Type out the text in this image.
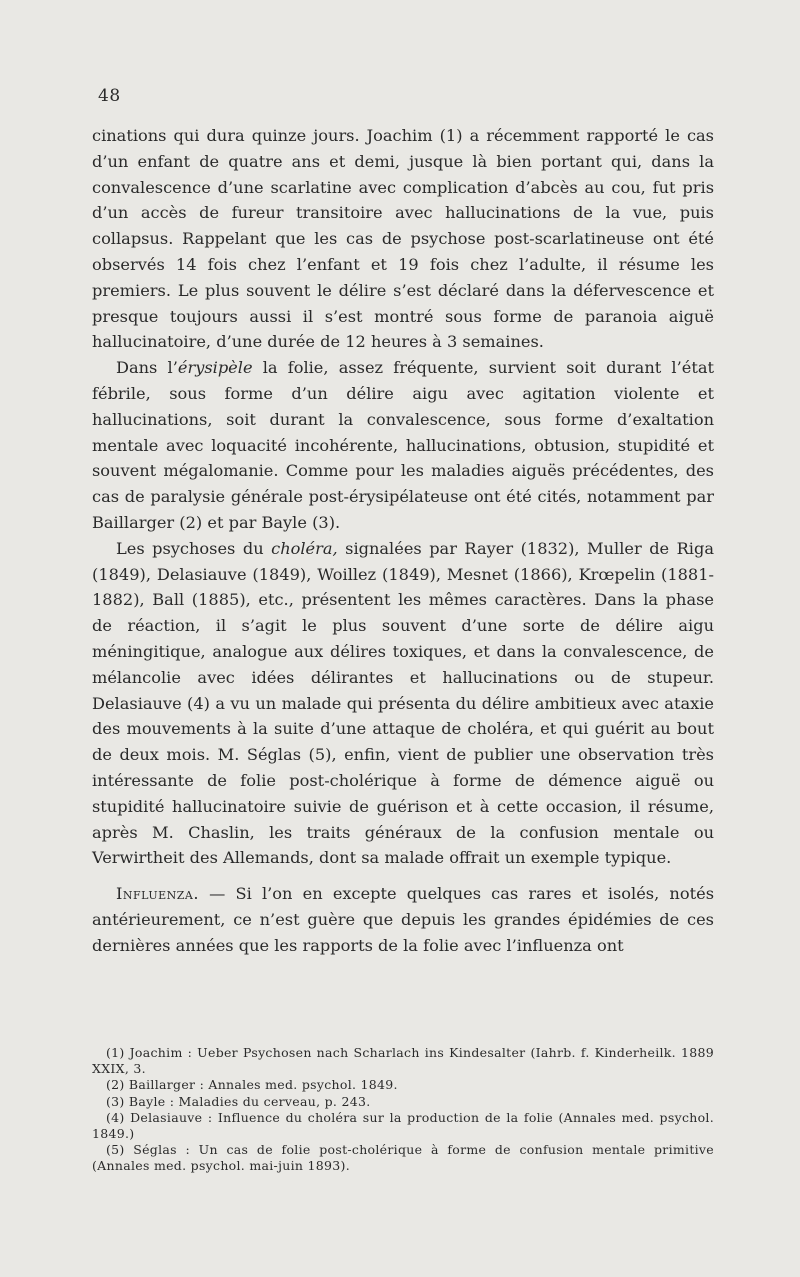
48

cinations qui dura quinze jours. Joachim (1) a récemment rapporté le cas d’un enfant de quatre ans et demi, jusque là bien portant qui, dans la convalescence d’une scarlatine avec complication d’abcès au cou, fut pris d’un accès de fureur transitoire avec hallucinations de la vue, puis collapsus. Rappelant que les cas de psychose post-scarlatineuse ont été observés 14 fois chez l’enfant et 19 fois chez l’adulte, il résume les premiers. Le plus souvent le délire s’est déclaré dans la défervescence et presque toujours aussi il s’est montré sous forme de paranoia aiguë hallucinatoire, d’une durée de 12 heures à 3 semaines.

Dans l’érysipèle la folie, assez fréquente, survient soit durant l’état fébrile, sous forme d’un délire aigu avec agitation violente et hallucinations, soit durant la convalescence, sous forme d’exaltation mentale avec loquacité incohérente, hallucinations, obtusion, stupidité et souvent mégalomanie. Comme pour les maladies aiguës précédentes, des cas de paralysie générale post-érysipélateuse ont été cités, notamment par Baillarger (2) et par Bayle (3).

Les psychoses du choléra, signalées par Rayer (1832), Muller de Riga (1849), Delasiauve (1849), Woillez (1849), Mesnet (1866), Krœpelin (1881-1882), Ball (1885), etc., présentent les mêmes caractères. Dans la phase de réaction, il s’agit le plus souvent d’une sorte de délire aigu méningitique, analogue aux délires toxiques, et dans la convalescence, de mélancolie avec idées délirantes et hallucinations ou de stupeur. Delasiauve (4) a vu un malade qui présenta du délire ambitieux avec ataxie des mouvements à la suite d’une attaque de choléra, et qui guérit au bout de deux mois. M. Séglas (5), enfin, vient de publier une observation très intéressante de folie post-cholérique à forme de démence aiguë ou stupidité hallucinatoire suivie de guérison et à cette occasion, il résume, après M. Chaslin, les traits généraux de la confusion mentale ou Verwirtheit des Allemands, dont sa malade offrait un exemple typique.

Influenza. — Si l’on en excepte quelques cas rares et isolés, notés antérieurement, ce n’est guère que depuis les grandes épidémies de ces dernières années que les rapports de la folie avec l’influenza ont

(1) Joachim : Ueber Psychosen nach Scharlach ins Kindesalter (Iahrb. f. Kinderheilk. 1889 XXIX, 3.

(2) Baillarger : Annales med. psychol. 1849.

(3) Bayle : Maladies du cerveau, p. 243.

(4) Delasiauve : Influence du choléra sur la production de la folie (Annales med. psychol. 1849.)

(5) Séglas : Un cas de folie post-cholérique à forme de confusion mentale primitive (Annales med. psychol. mai-juin 1893).
